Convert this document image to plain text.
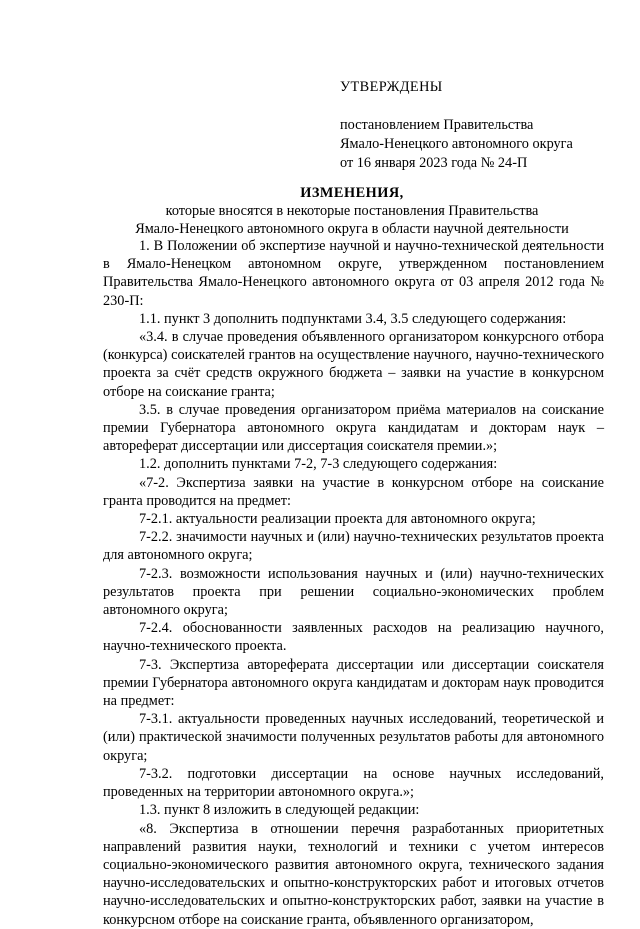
УТВЕРЖДЕНЫ
постановлением Правительства
Ямало-Ненецкого автономного округа
от 16 января 2023 года № 24-П
ИЗМЕНЕНИЯ,
которые вносятся в некоторые постановления Правительства
Ямало-Ненецкого автономного округа в области научной деятельности

1. В Положении об экспертизе научной и научно-технической деятельности в Ямало-Ненецком автономном округе, утвержденном постановлением Правительства Ямало-Ненецкого автономного округа от 03 апреля 2012 года № 230-П:

1.1. пункт 3 дополнить подпунктами 3.4, 3.5 следующего содержания:

«3.4. в случае проведения объявленного организатором конкурсного отбора (конкурса) соискателей грантов на осуществление научного, научно-технического проекта за счёт средств окружного бюджета – заявки на участие в конкурсном отборе на соискание гранта;

3.5. в случае проведения организатором приёма материалов на соискание премии Губернатора автономного округа кандидатам и докторам наук – автореферат диссертации или диссертация соискателя премии.»;

1.2. дополнить пунктами 7-2, 7-3 следующего содержания:

«7-2. Экспертиза заявки на участие в конкурсном отборе на соискание гранта проводится на предмет:

7-2.1. актуальности реализации проекта для автономного округа;

7-2.2. значимости научных и (или) научно-технических результатов проекта для автономного округа;

7-2.3. возможности использования научных и (или) научно-технических результатов проекта при решении социально-экономических проблем автономного округа;

7-2.4. обоснованности заявленных расходов на реализацию научного, научно-технического проекта.

7-3. Экспертиза автореферата диссертации или диссертации соискателя премии Губернатора автономного округа кандидатам и докторам наук проводится на предмет:

7-3.1. актуальности проведенных научных исследований, теоретической и (или) практической значимости полученных результатов работы для автономного округа;

7-3.2. подготовки диссертации на основе научных исследований, проведенных на территории автономного округа.»;

1.3. пункт 8 изложить в следующей редакции:

«8. Экспертиза в отношении перечня разработанных приоритетных направлений развития науки, технологий и техники с учетом интересов социально-экономического развития автономного округа, технического задания научно-исследовательских и опытно-конструкторских работ и итоговых отчетов научно-исследовательских и опытно-конструкторских работ, заявки на участие в конкурсном отборе на соискание гранта, объявленного организатором,
